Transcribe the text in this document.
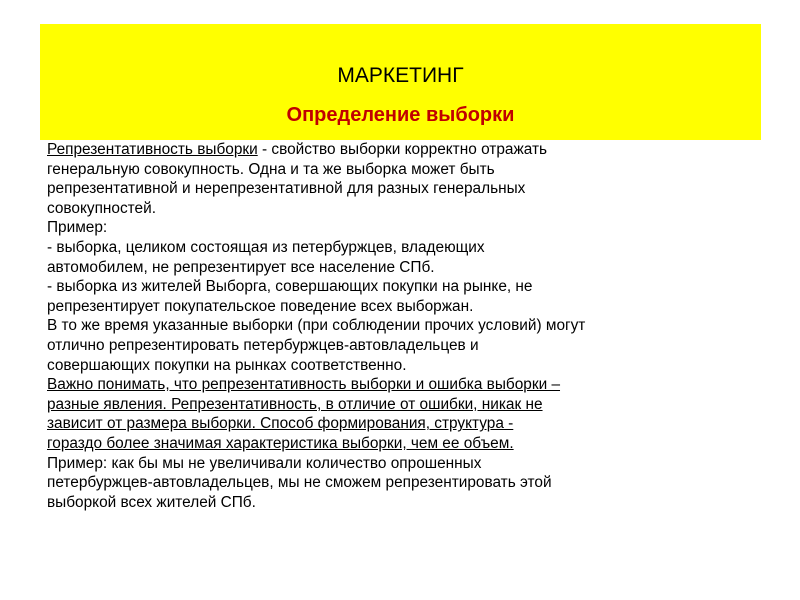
МАРКЕТИНГ
Определение выборки

Репрезентативность выборки - свойство выборки корректно отражать
генеральную совокупность. Одна и та же выборка может быть
репрезентативной и нерепрезентативной для разных генеральных
совокупностей.
Пример:
- выборка, целиком состоящая из петербуржцев, владеющих
автомобилем, не репрезентирует все население СПб.
- выборка из жителей Выборга, совершающих покупки на рынке, не
репрезентирует покупательское поведение всех выборжан.

В то же время указанные выборки (при соблюдении прочих условий) могут
отлично репрезентировать петербуржцев-автовладельцев и
совершающих покупки на рынках соответственно.

Важно понимать, что репрезентативность выборки и ошибка выборки –
разные явления. Репрезентативность, в отличие от ошибки, никак не
зависит от размера выборки. Способ формирования, структура -
гораздо более значимая характеристика выборки, чем ее объем.
Пример: как бы мы не увеличивали количество опрошенных
петербуржцев-автовладельцев, мы не сможем репрезентировать этой
выборкой всех жителей СПб.
